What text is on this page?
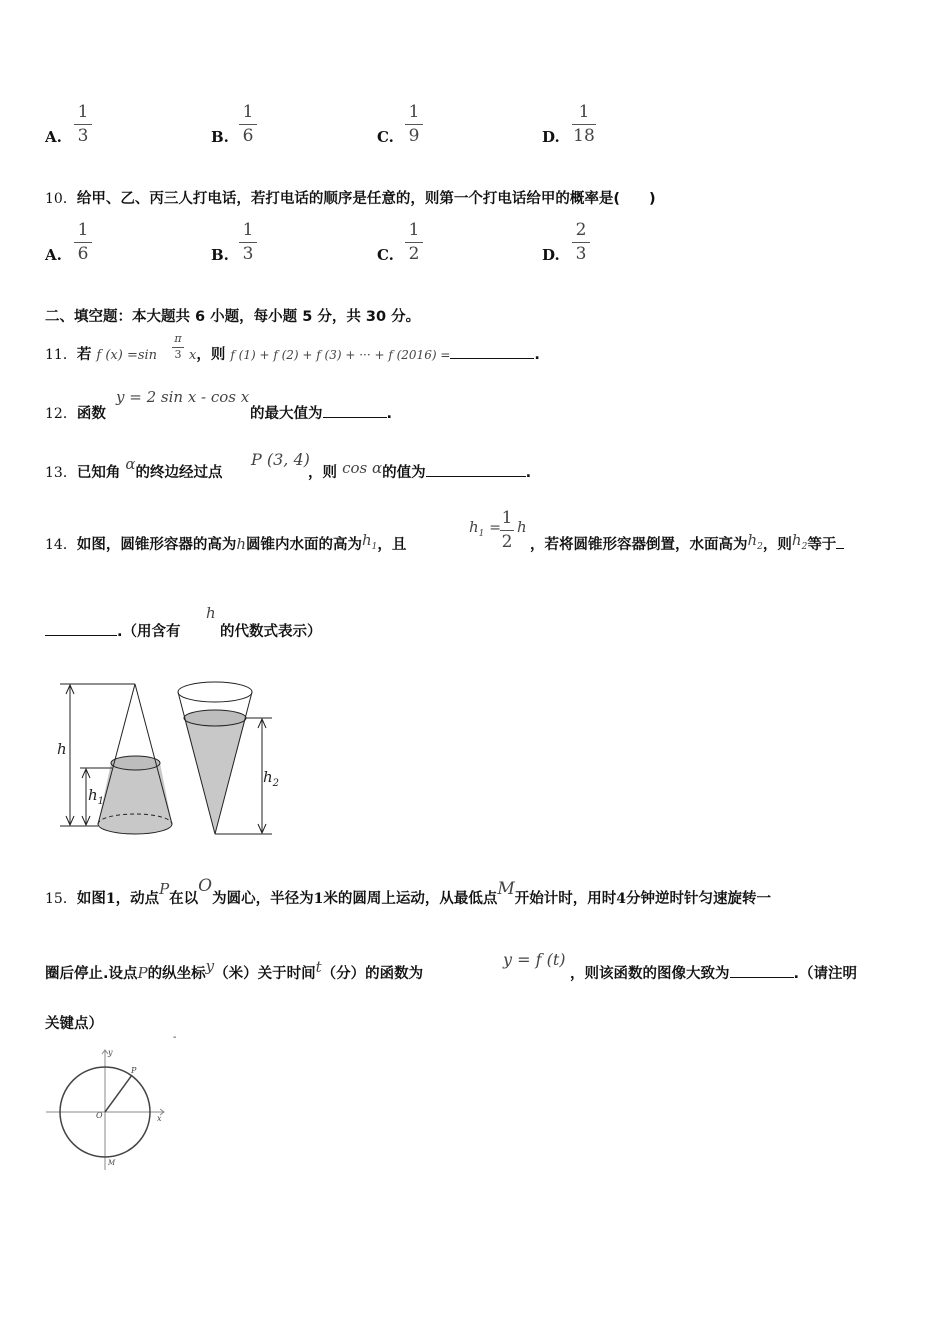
A.
1
3	B.
1
6	C.
1
9	D.
1
18
10．给甲、乙、丙三人打电话，若打电话的顺序是任意的，则第一个打电话给甲的概率是(　　)
A.
1
6	B.
1
3	C.
1
2	D.
2
3
二、填空题：本大题共 6 小题，每小题 5 分，共 30 分。
11．若 f (x) =sin
π
3 x，则 f (1) + f (2) + f (3) + ··· + f (2016) =	.
12．函数
y = 2 sin x - cos x
的最大值为	.
13．已知角 α的终边经过点
P (3, 4)
，则 cos α的值为	.
14．如图，圆锥形容器的高为h圆锥内水面的高为$h_1$，且
$h_1 = 1$
2
h
，若将圆锥形容器倒置，水面高为$h_2$，则$h_2$等于
.（用含有
h
的代数式表示）
h
$h_1$
$h_2$
15．如图1，动点P在以O为圆心，半径为1米的圆周上运动，从最低点M开始计时，用时4分钟逆时针匀速旋转一
圈后停止.设点P的纵坐标y（米）关于时间t（分）的函数为
y = f (t)
，则该函数的图像大致为	.（请注明
关键点）
-
y
P
O	x
M
